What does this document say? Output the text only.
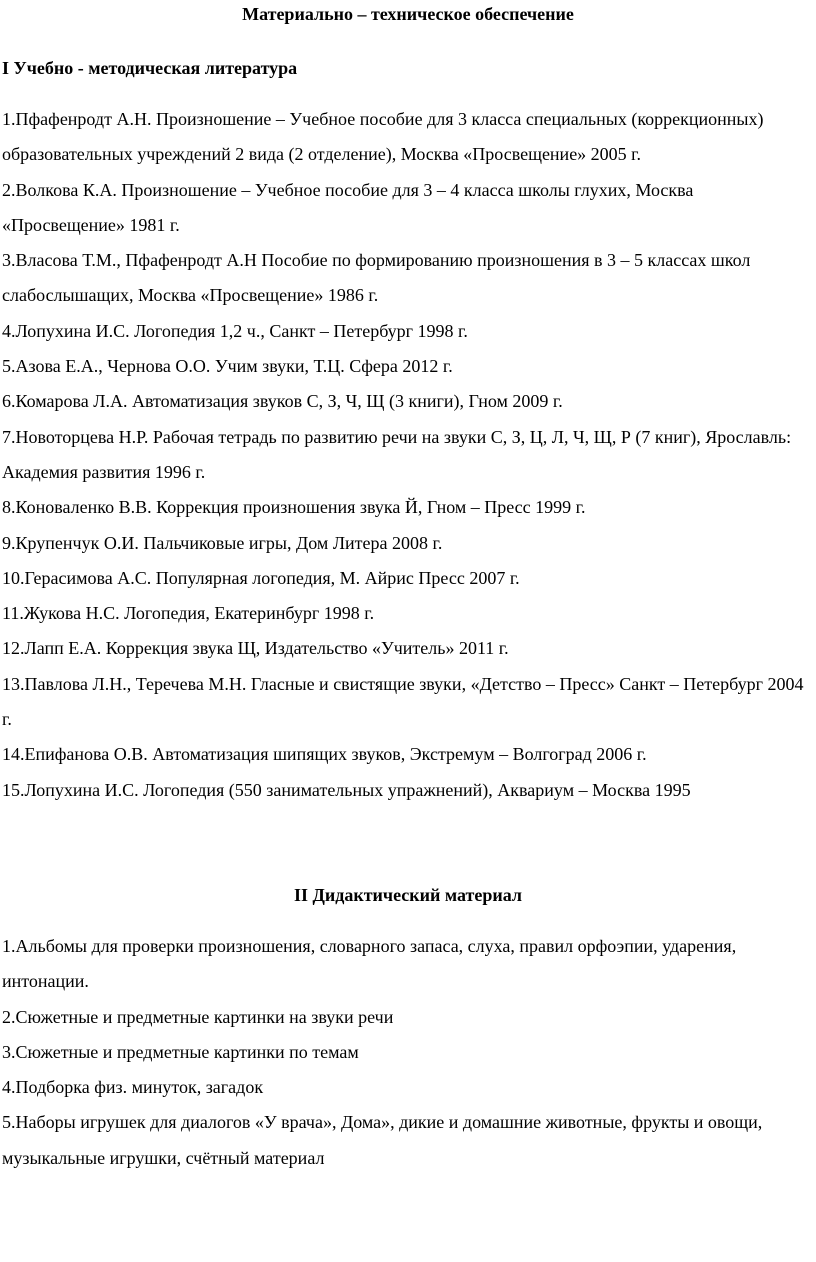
Материально – техническое обеспечение
I Учебно - методическая литература
1.Пфафенродт А.Н. Произношение – Учебное пособие для 3 класса специальных (коррекционных) образовательных учреждений 2 вида (2 отделение), Москва «Просвещение» 2005 г.
2.Волкова К.А. Произношение – Учебное пособие для 3 – 4 класса школы глухих, Москва «Просвещение» 1981 г.
3.Власова Т.М., Пфафенродт А.Н Пособие по формированию произношения в 3 – 5 классах школ слабослышащих, Москва «Просвещение» 1986 г.
4.Лопухина И.С. Логопедия 1,2 ч., Санкт – Петербург 1998 г.
5.Азова Е.А., Чернова О.О. Учим звуки, Т.Ц. Сфера 2012 г.
6.Комарова Л.А. Автоматизация звуков С, З, Ч, Щ (3 книги), Гном 2009 г.
7.Новоторцева Н.Р. Рабочая тетрадь по развитию речи на звуки С, З, Ц, Л, Ч, Щ, Р (7 книг), Ярославль: Академия развития 1996 г.
8.Коноваленко В.В. Коррекция произношения звука Й, Гном – Пресс 1999 г.
9.Крупенчук О.И. Пальчиковые игры, Дом Литера 2008 г.
10.Герасимова А.С. Популярная логопедия, М. Айрис Пресс 2007 г.
11.Жукова Н.С. Логопедия, Екатеринбург 1998 г.
12.Лапп Е.А. Коррекция звука Щ, Издательство «Учитель» 2011 г.
13.Павлова Л.Н., Теречева М.Н. Гласные и свистящие звуки, «Детство – Пресс» Санкт – Петербург 2004 г.
14.Епифанова О.В. Автоматизация шипящих звуков, Экстремум – Волгоград 2006 г.
15.Лопухина И.С. Логопедия (550 занимательных упражнений), Аквариум – Москва 1995
II Дидактический материал
1.Альбомы для проверки произношения, словарного запаса, слуха, правил орфоэпии, ударения, интонации.
2.Сюжетные и предметные картинки на звуки речи
3.Сюжетные и предметные картинки по темам
4.Подборка физ. минуток, загадок
5.Наборы игрушек для диалогов «У врача», Дома», дикие и домашние животные, фрукты и овощи, музыкальные игрушки, счётный материал
